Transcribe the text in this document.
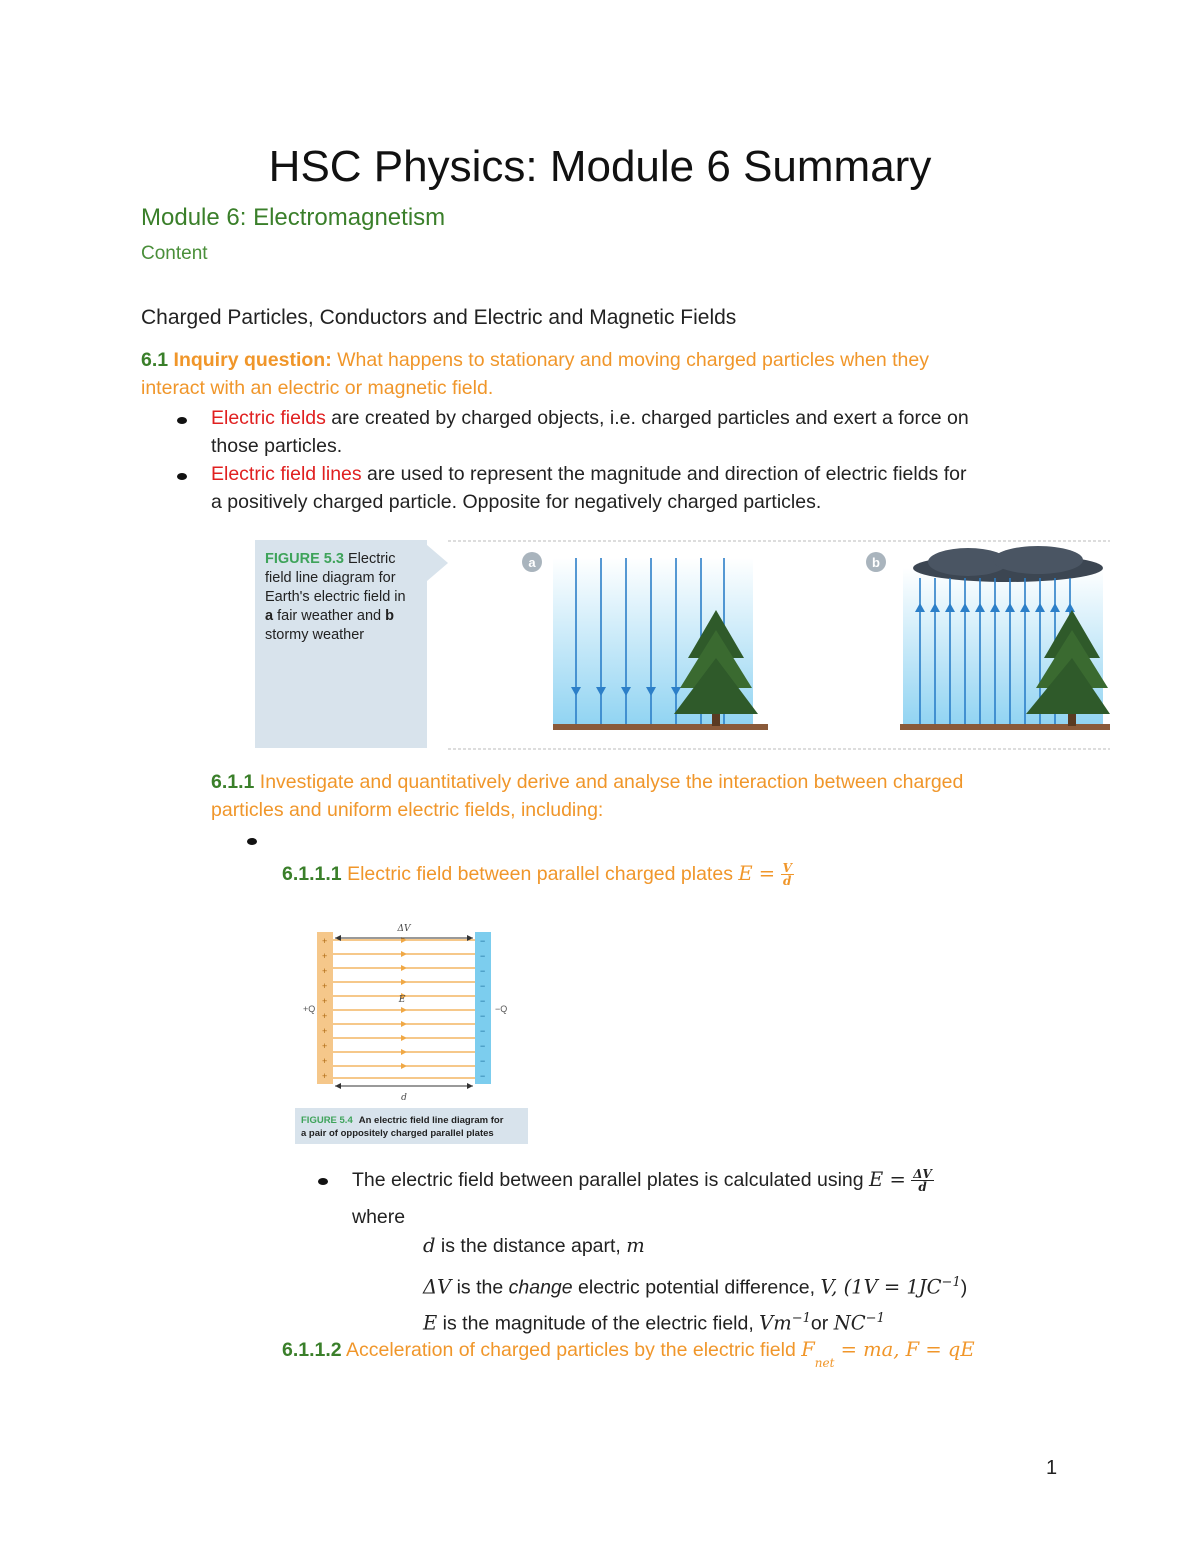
HSC Physics: Module 6 Summary
Module 6: Electromagnetism
Content
Charged Particles, Conductors and Electric and Magnetic Fields
6.1 Inquiry question: What happens to stationary and moving charged particles when they
interact with an electric or magnetic field.
Electric fields are created by charged objects, i.e. charged particles and exert a force on
those particles.
Electric field lines are used to represent the magnitude and direction of electric fields for
a positively charged particle. Opposite for negatively charged particles.
FIGURE 5.3 Electric field line diagram for Earth's electric field in a fair weather and b stormy weather
a	b
6.1.1 Investigate and quantitatively derive and analyse the interaction between charged
particles and uniform electric fields, including:
6.1.1.1 Electric field between parallel charged plates $E = \frac{V}{d}$
+
+
+
+
+
+
+
+
+
+
−
−
−
−
−
−
−
−
−
−
ΔV
d
E
+Q	−Q
FIGURE 5.4 An electric field line diagram for
a pair of oppositely charged parallel plates
The electric field between parallel plates is calculated using $E = \frac{\Delta V}{d}$
where
d is the distance apart, m
ΔV is the change electric potential difference, V, $(1V = 1JC^{-1})$
E is the magnitude of the electric field, $Vm^{-1}or$ $NC^{-1}$
6.1.1.2 Acceleration of charged particles by the electric field $F_{net}$ = ma, F = qE
1
